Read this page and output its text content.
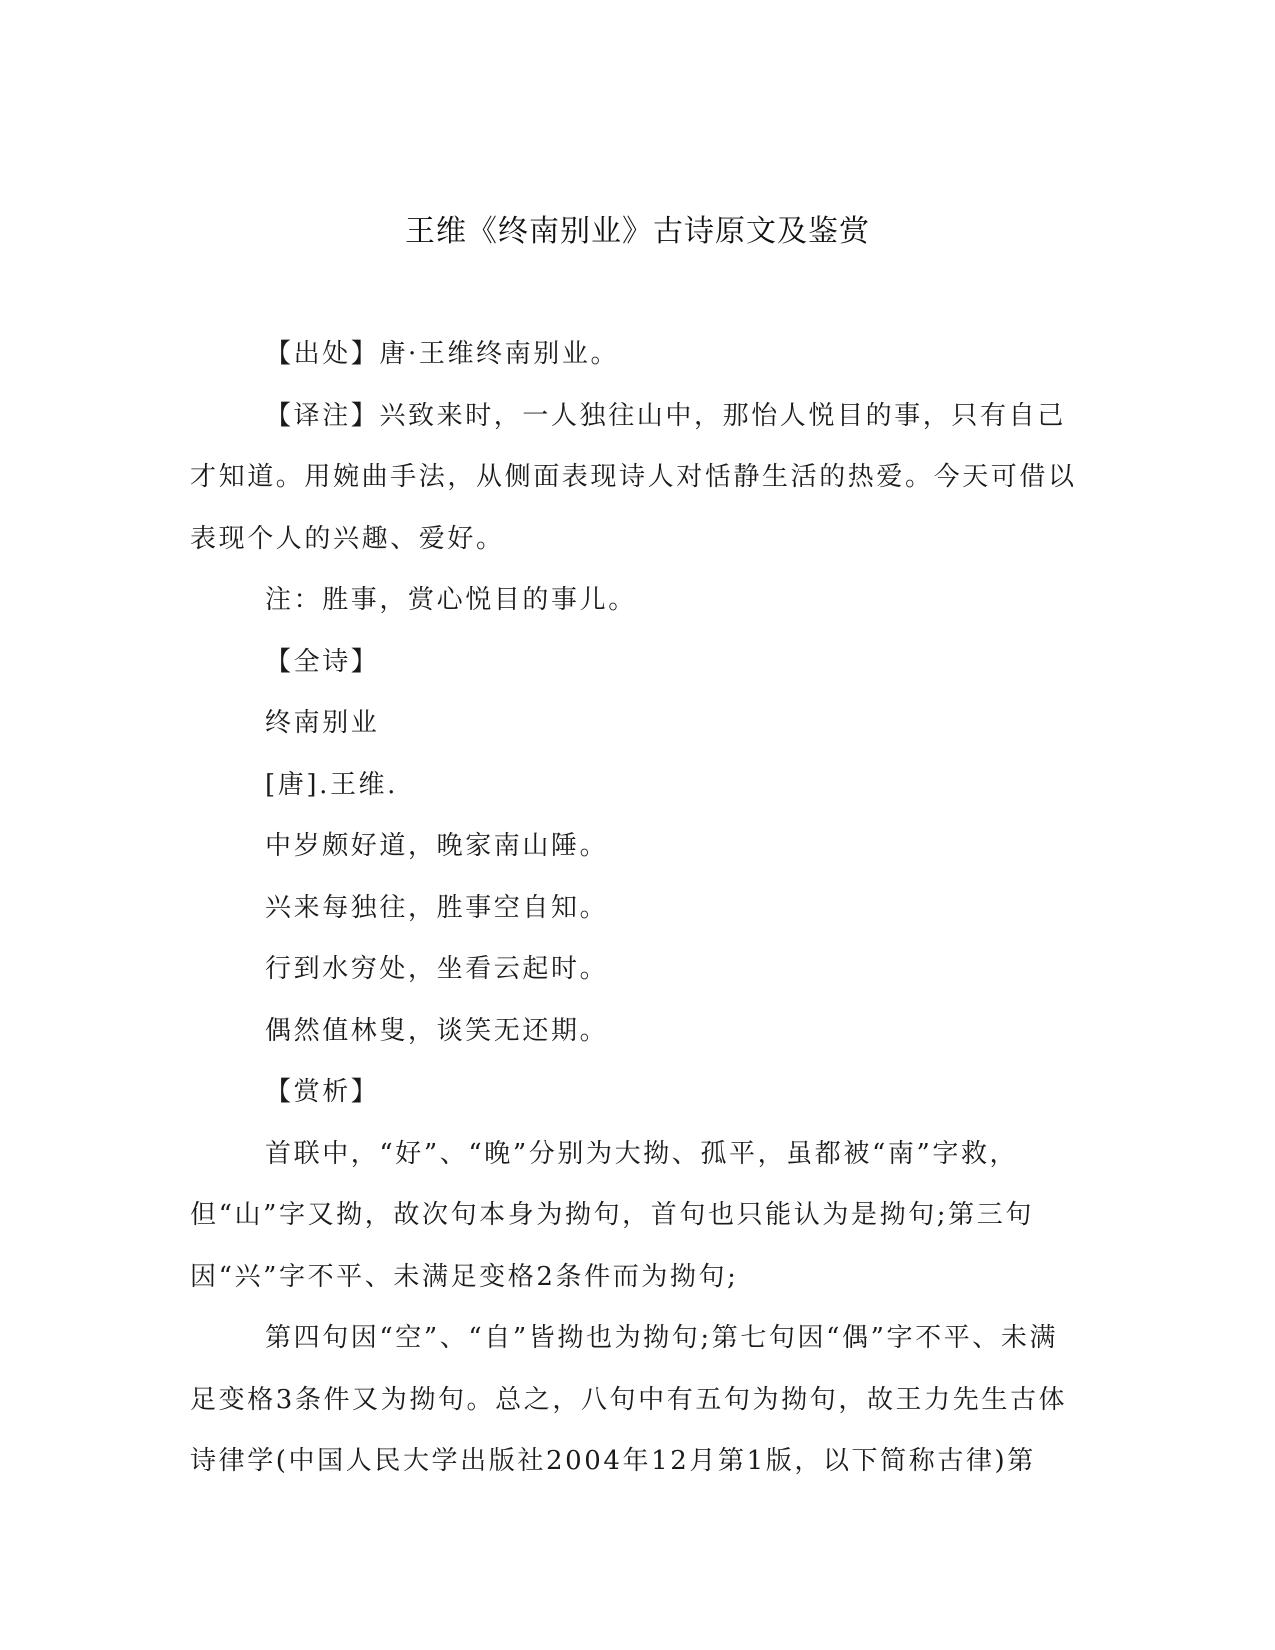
王维《终南别业》古诗原文及鉴赏

【出处】唐·王维终南别业。

【译注】兴致来时，一人独往山中，那怡人悦目的事，只有自己才知道。用婉曲手法，从侧面表现诗人对恬静生活的热爱。今天可借以表现个人的兴趣、爱好。

注：胜事，赏心悦目的事儿。

【全诗】

终南别业

[唐].王维.

中岁颇好道，晚家南山陲。

兴来每独往，胜事空自知。

行到水穷处，坐看云起时。

偶然值林叟，谈笑无还期。

【赏析】

首联中，“好”、“晚”分别为大拗、孤平，虽都被“南”字救，但“山”字又拗，故次句本身为拗句，首句也只能认为是拗句;第三句因“兴”字不平、未满足变格2条件而为拗句;

第四句因“空”、“自”皆拗也为拗句;第七句因“偶”字不平、未满足变格3条件又为拗句。总之，八句中有五句为拗句，故王力先生古体诗律学(中国人民大学出版社2004年12月第1版，以下简称古律)第
